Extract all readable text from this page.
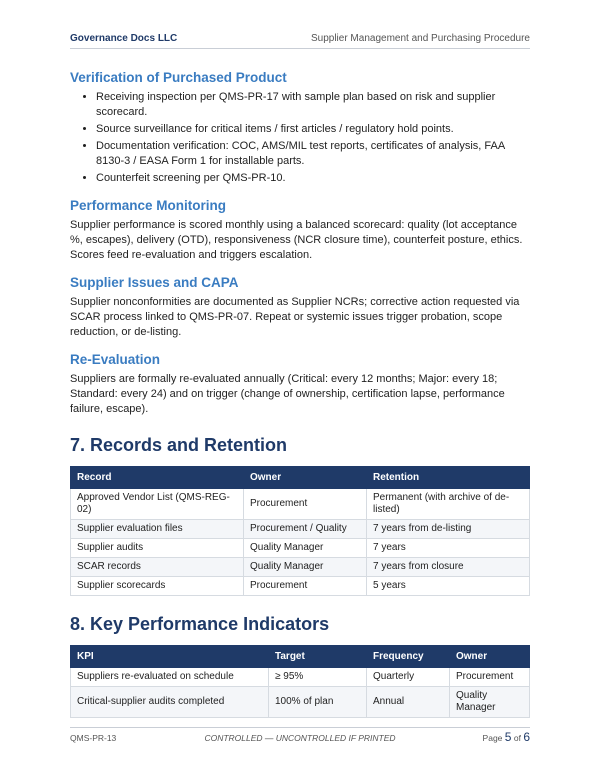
Governance Docs LLC	Supplier Management and Purchasing Procedure
Verification of Purchased Product
• Receiving inspection per QMS-PR-17 with sample plan based on risk and supplier scorecard.
• Source surveillance for critical items / first articles / regulatory hold points.
• Documentation verification: COC, AMS/MIL test reports, certificates of analysis, FAA 8130-3 / EASA Form 1 for installable parts.
• Counterfeit screening per QMS-PR-10.
Performance Monitoring

Supplier performance is scored monthly using a balanced scorecard: quality (lot acceptance %, escapes), delivery (OTD), responsiveness (NCR closure time), counterfeit posture, ethics. Scores feed re-evaluation and triggers escalation.

Supplier Issues and CAPA

Supplier nonconformities are documented as Supplier NCRs; corrective action requested via SCAR process linked to QMS-PR-07. Repeat or systemic issues trigger probation, scope reduction, or de-listing.

Re-Evaluation

Suppliers are formally re-evaluated annually (Critical: every 12 months; Major: every 18; Standard: every 24) and on trigger (change of ownership, certification lapse, performance failure, escape).

7. Records and Retention
Record	Owner	Retention
Approved Vendor List (QMS-REG-02)	Procurement	Permanent (with archive of de-listed)
Supplier evaluation files	Procurement / Quality	7 years from de-listing
Supplier audits	Quality Manager	7 years
SCAR records	Quality Manager	7 years from closure
Supplier scorecards	Procurement	5 years
8. Key Performance Indicators
KPI	Target	Frequency	Owner
Suppliers re-evaluated on schedule	≥ 95%	Quarterly	Procurement
Critical-supplier audits completed	100% of plan	Annual	Quality Manager
QMS-PR-13	CONTROLLED — UNCONTROLLED IF PRINTED	Page 5 of 6
